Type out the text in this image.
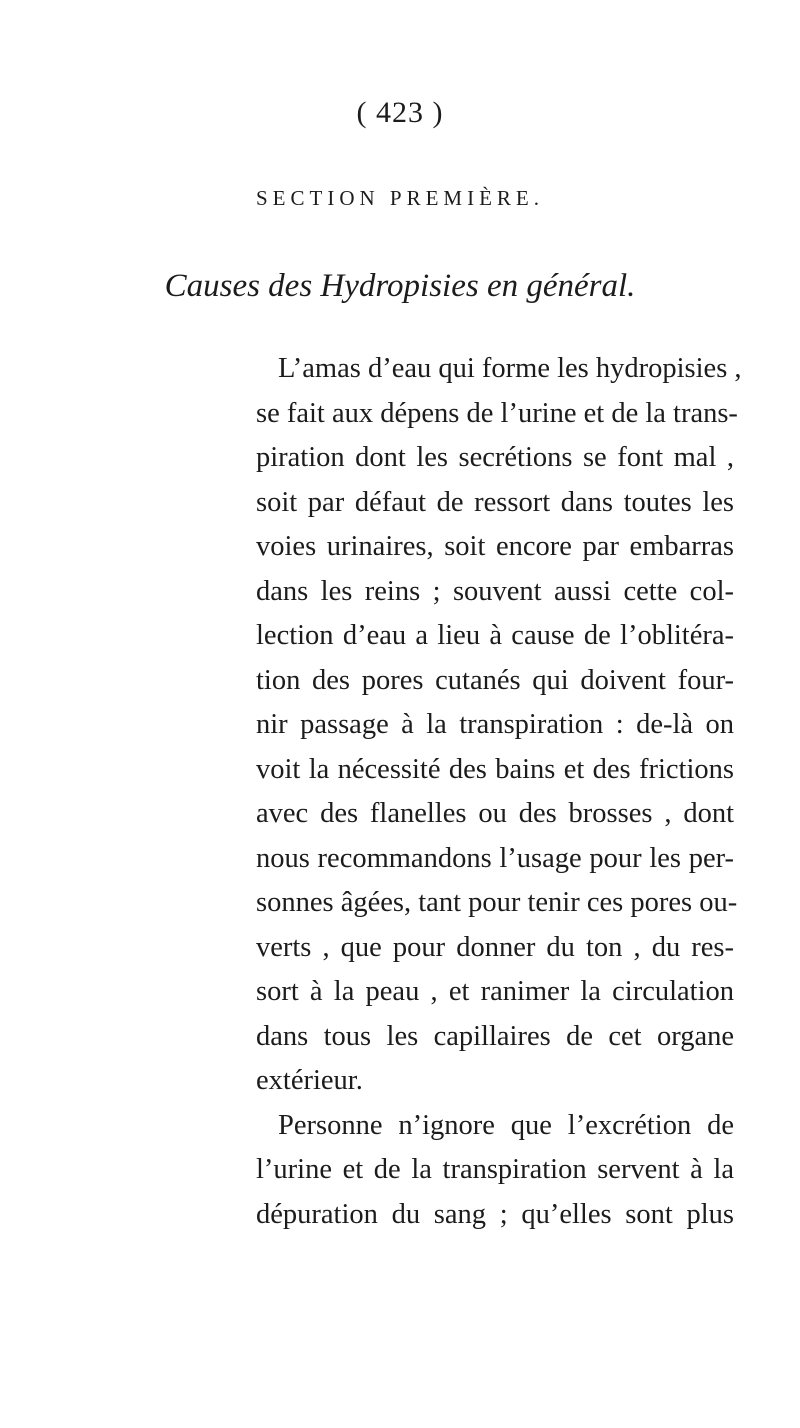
( 423 )
SECTION PREMIÈRE.
Causes des Hydropisies en général.
L’amas d’eau qui forme les hydropisies ,
se fait aux dépens de l’urine et de la trans-
piration dont les secrétions se font mal ,
soit par défaut de ressort dans toutes les
voies urinaires, soit encore par embarras
dans les reins ; souvent aussi cette col-
lection d’eau a lieu à cause de l’oblitéra-
tion des pores cutanés qui doivent four-
nir passage à la transpiration : de-là on
voit la nécessité des bains et des frictions
avec des flanelles ou des brosses , dont
nous recommandons l’usage pour les per-
sonnes âgées, tant pour tenir ces pores ou-
verts , que pour donner du ton , du res-
sort à la peau , et ranimer la circulation
dans tous les capillaires de cet organe
extérieur.
Personne n’ignore que l’excrétion de
l’urine et de la transpiration servent à la
dépuration du sang ; qu’elles sont plus
